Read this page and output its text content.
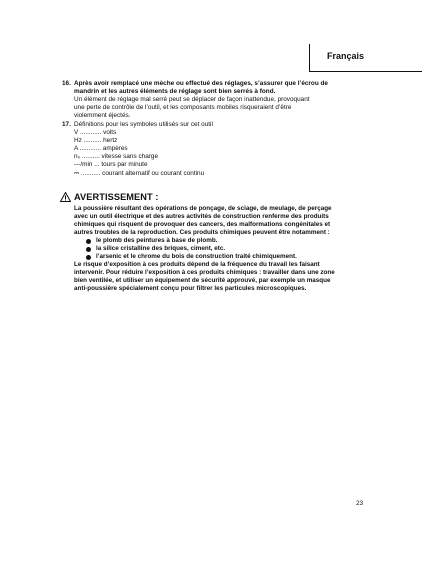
Français
16. Après avoir remplacé une mèche ou effectué des réglages, s’assurer que l’écrou de
mandrin et les autres éléments de réglage sont bien serrés à fond.
Un élément de réglage mal serré peut se déplacer de façon inattendue, provoquant
une perte de contrôle de l’outil, et les composants mobiles risqueraient d’être
violemment éjectés.
17. Définitions pour les symboles utilisés sur cet outil
V ............ volts
Hz .......... hertz
A ............ ampères
n₀ .......... vitesse sans charge
---/min ... tours par minute
⎓ ........... courant alternatif ou courant continu
AVERTISSEMENT :
La poussière résultant des opérations de ponçage, de sciage, de meulage, de perçage
avec un outil électrique et des autres activités de construction renferme des produits
chimiques qui risquent de provoquer des cancers, des malformations congénitales et
autres troubles de la reproduction. Ces produits chimiques peuvent être notamment :
le plomb des peintures à base de plomb.
la silice cristalline des briques, ciment, etc.
l’arsenic et le chrome du bois de construction traité chimiquement.
Le risque d’exposition à ces produits dépend de la fréquence du travail les faisant
intervenir. Pour réduire l’exposition à ces produits chimiques : travailler dans une zone
bien ventilée, et utiliser un équipement de sécurité approuvé, par exemple un masque
anti-poussière spécialement conçu pour filtrer les particules microscopiques.
23
